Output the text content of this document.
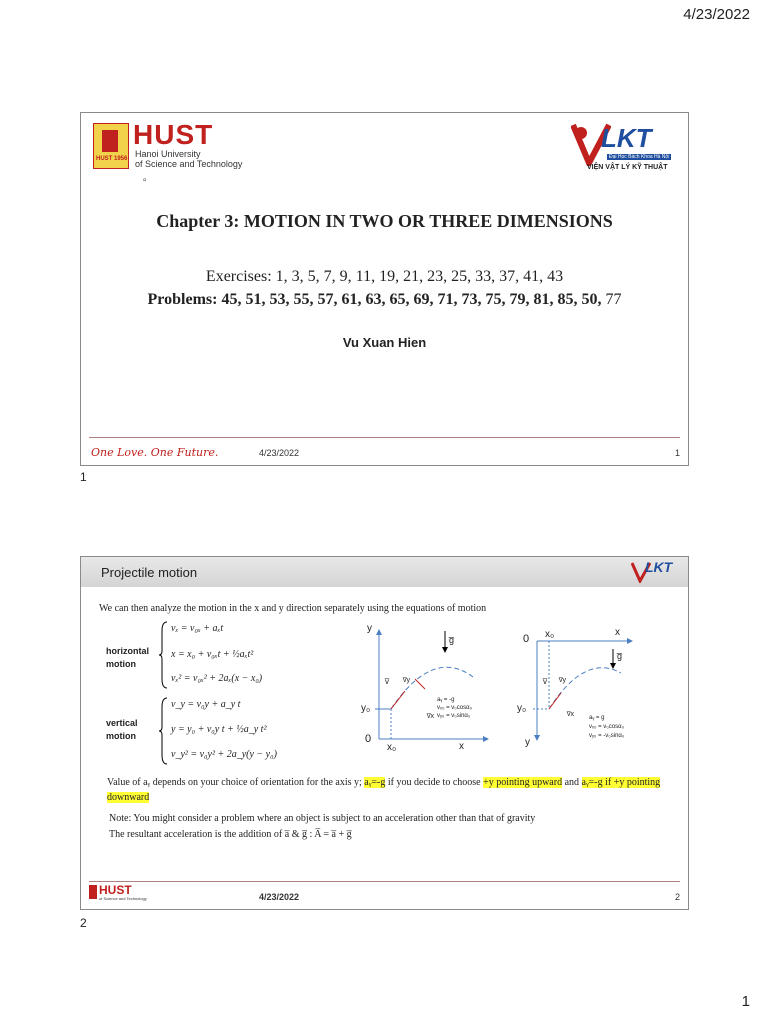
4/23/2022
HUST 1956
HUST
Hanoi University
of Science and Technology
LKT
Đại Học Bách Khoa Hà Nội
VIỆN VẬT LÝ KỸ THUẬT
▫
Chapter 3: MOTION IN TWO OR THREE DIMENSIONS
Exercises: 1, 3, 5, 7, 9, 11, 19, 21, 23, 25, 33, 37, 41, 43
Problems: 45, 51, 53, 55, 57, 61, 63, 65, 69, 71, 73, 75, 79, 81, 85, 50, 77
Vu Xuan Hien
One Love. One Future.	4/23/2022	1
1
Projectile motion	LKT
We can then analyze the motion in the x and y direction separately using the equations of motion
horizontal motion
vₓ = v₀ₓ + aₓt
x = x₀ + v₀ₓt + ½aₓt²
vₓ² = v₀ₓ² + 2aₓ(x − x₀)
vertical motion
v_y = v₀y + a_y t
y = y₀ + v₀y t + ½a_y t²
v_y² = v₀y² + 2a_y(y − y₀)
y
x
y₀
x₀
0
g̅
v̅ v̅y
v̅x
aᵧ = -g
vₓ₀ = v₀cosα₀
vᵧ₀ = v₀sinα₀
y
x
y₀
x₀
0
g̅
v̅ v̅y
v̅x	aᵧ = g
vₓ₀ = v₀cosα₀
vᵧ₀ = -v₀sinα₀
Value of aᵧ depends on your choice of orientation for the axis y; aᵧ=-g if you decide to choose +y pointing upward and aᵧ=-g if +y pointing downward
Note: You might consider a problem where an object is subject to an acceleration other than that of gravity
The resultant acceleration is the addition of a̅ & g̅ : A̅ = a̅ + g̅
HUST
of Science and Technology	4/23/2022	2
2
1
